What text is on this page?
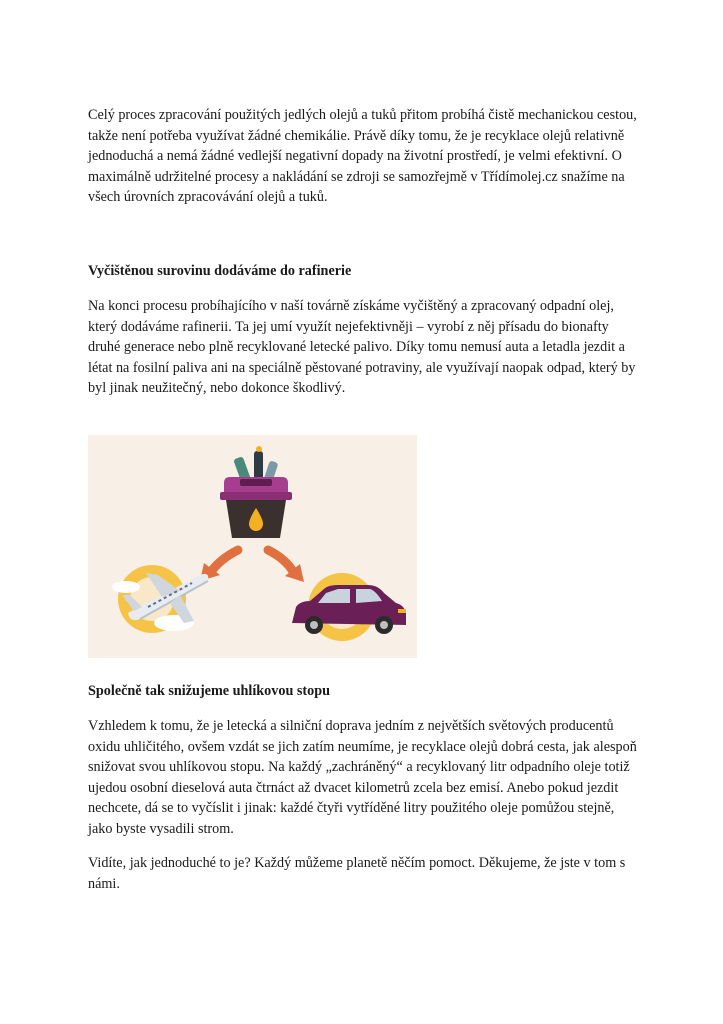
Celý proces zpracování použitých jedlých olejů a tuků přitom probíhá čistě mechanickou cestou, takže není potřeba využívat žádné chemikálie. Právě díky tomu, že je recyklace olejů relativně jednoduchá a nemá žádné vedlejší negativní dopady na životní prostředí, je velmi efektivní. O maximálně udržitelné procesy a nakládání se zdroji se samozřejmě v Třídímolej.cz snažíme na všech úrovních zpracovávání olejů a tuků.

Vyčištěnou surovinu dodáváme do rafinerie

Na konci procesu probíhajícího v naší továrně získáme vyčištěný a zpracovaný odpadní olej, který dodáváme rafinerii. Ta jej umí využít nejefektivněji – vyrobí z něj přísadu do bionafty druhé generace nebo plně recyklované letecké palivo. Díky tomu nemusí auta a letadla jezdit a létat na fosilní paliva ani na speciálně pěstované potraviny, ale využívají naopak odpad, který by byl jinak neužitečný, nebo dokonce škodlivý.

Společně tak snižujeme uhlíkovou stopu

Vzhledem k tomu, že je letecká a silniční doprava jedním z největších světových producentů oxidu uhličitého, ovšem vzdát se jich zatím neumíme, je recyklace olejů dobrá cesta, jak alespoň snižovat svou uhlíkovou stopu. Na každý „zachráněný“ a recyklovaný litr odpadního oleje totiž ujedou osobní dieselová auta čtrnáct až dvacet kilometrů zcela bez emisí. Anebo pokud jezdit nechcete, dá se to vyčíslit i jinak: každé čtyři vytříděné litry použitého oleje pomůžou stejně, jako byste vysadili strom.

Vidíte, jak jednoduché to je? Každý můžeme planetě něčím pomoct. Děkujeme, že jste v tom s námi.
